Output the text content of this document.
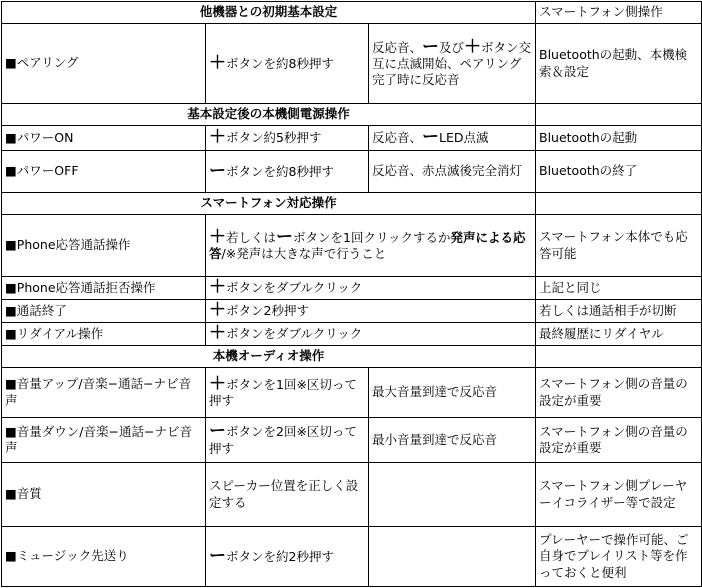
他機器との初期基本設定			スマートフォン側操作
■ペアリング	＋ボタンを約8秒押す	反応音、ー及び＋ボタン交互に点滅開始、ペアリング完了時に反応音	Bluetoothの起動、本機検索＆設定
基本設定後の本機側電源操作			
■パワーON	＋ボタン約5秒押す	反応音、ーLED点滅	Bluetoothの起動
■パワーOFF	ーボタンを約8秒押す	反応音、赤点滅後完全消灯	Bluetoothの終了
スマートフォン対応操作			
■Phone応答通話操作	＋若しくはーボタンを1回クリックするか発声による応答/※発声は大きな声で行うこと		スマートフォン本体でも応答可能
■Phone応答通話拒否操作	＋ボタンをダブルクリック		上記と同じ
■通話終了	＋ボタン2秒押す		若しくは通話相手が切断
■リダイアル操作	＋ボタンをダブルクリック		最終履歴にリダイヤル
本機オーディオ操作			
■音量アップ/音楽−通話−ナビ音声	＋ボタンを1回※区切って押す	最大音量到達で反応音	スマートフォン側の音量の設定が重要
■音量ダウン/音楽−通話−ナビ音声	ーボタンを2回※区切って押す	最小音量到達で反応音	スマートフォン側の音量の設定が重要
■音質	スピーカー位置を正しく設定する		スマートフォン側プレーヤーイコライザー等で設定
■ミュージック先送り	ーボタンを約2秒押す		プレーヤーで操作可能、ご自身でプレイリスト等を作っておくと便利
